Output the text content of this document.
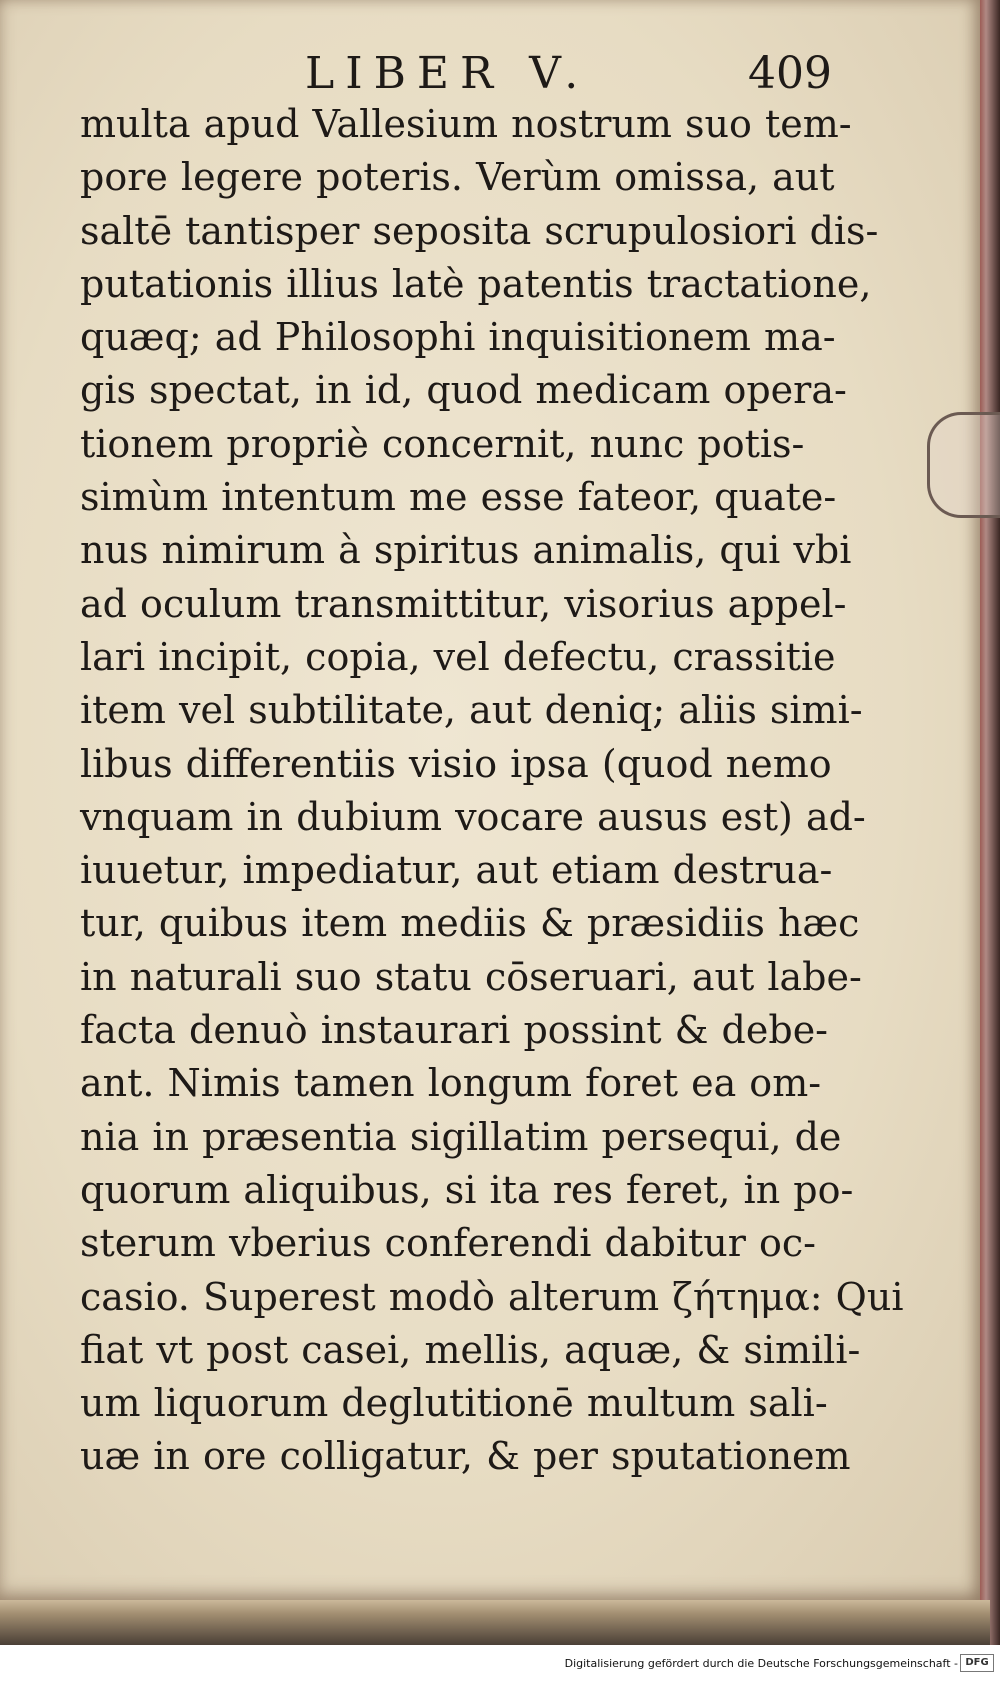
LIBER V.	409
multa apud Vallesium nostrum suo tem-
pore legere poteris. Verùm omissa, aut
saltē tantisper seposita scrupulosiori dis-
putationis illius latè patentis tractatione,
quæq; ad Philosophi inquisitionem ma-
gis spectat, in id, quod medicam opera-
tionem propriè concernit, nunc potis-
simùm intentum me esse fateor, quate-
nus nimirum à spiritus animalis, qui vbi
ad oculum transmittitur, visorius appel-
lari incipit, copia, vel defectu, crassitie
item vel subtilitate, aut deniq; aliis simi-
libus differentiis visio ipsa (quod nemo
vnquam in dubium vocare ausus est) ad-
iuuetur, impediatur, aut etiam destrua-
tur, quibus item mediis & præsidiis hæc
in naturali suo statu cōseruari, aut labe-
facta denuò instaurari possint & debe-
ant. Nimis tamen longum foret ea om-
nia in præsentia sigillatim persequi, de
quorum aliquibus, si ita res feret, in po-
sterum vberius conferendi dabitur oc-
casio. Superest modò alterum ζήτημα: Qui
fiat vt post casei, mellis, aquæ, & simili-
um liquorum deglutitionē multum sali-
uæ in ore colligatur, & per sputationem
Digitalisierung gefördert durch die Deutsche Forschungsgemeinschaft - DFG
